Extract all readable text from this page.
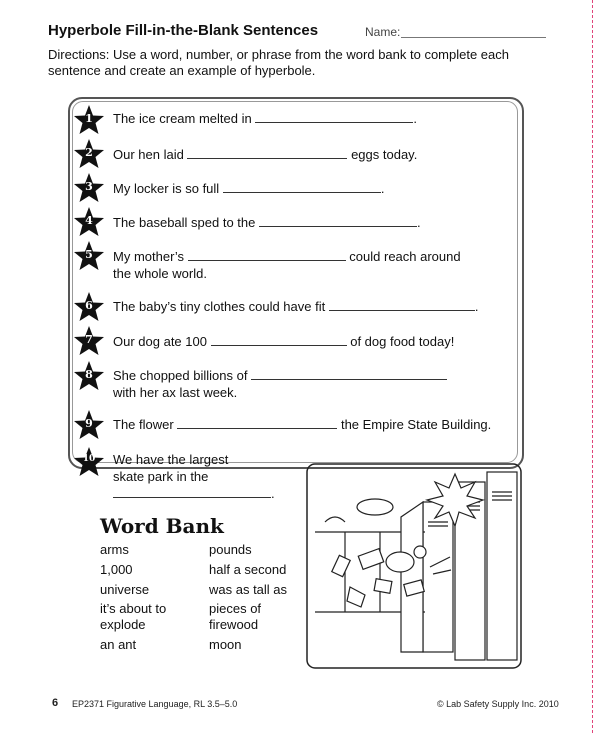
Hyperbole Fill-in-the-Blank Sentences	Name:
Directions: Use a word, number, or phrase from the word bank to complete each sentence and create an example of hyperbole.
1
2
3
4
5
6
7
8
9
10
The ice cream melted in	.
Our hen laid	eggs today.
My locker is so full	.
The baseball sped to the	.
My mother’s	could reach around
the whole world.
The baby’s tiny clothes could have fit	.
Our dog ate 100	of dog food today!
She chopped billions of
with her ax last week.
The flower	the Empire State Building.
We have the largest
skate park in the
.
Word Bank
arms
1,000
universe
it’s about to
explode
an ant
pounds
half a second
was as tall as
pieces of
firewood
moon
6 EP2371 Figurative Language, RL 3.5–5.0	© Lab Safety Supply Inc. 2010
